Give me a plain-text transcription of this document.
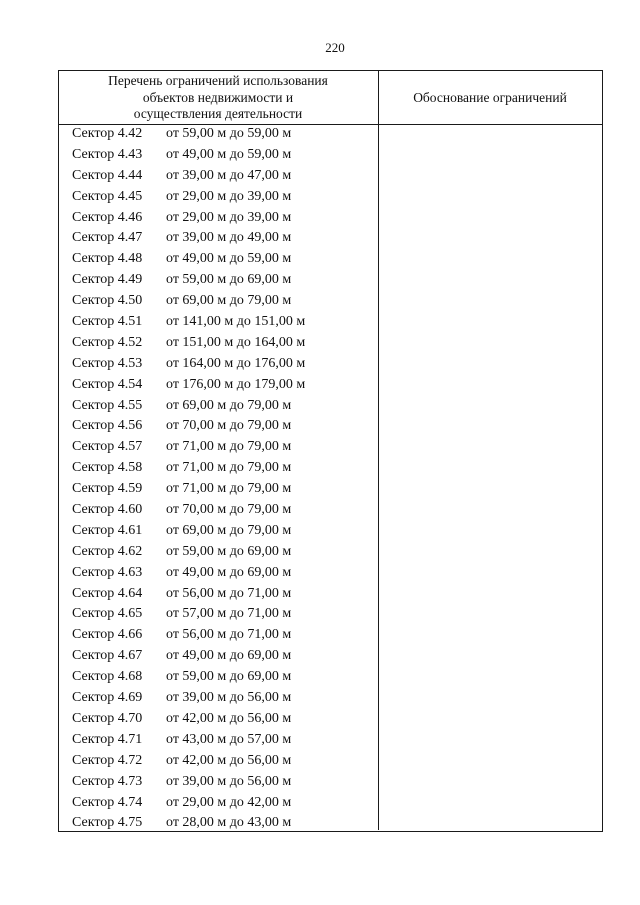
220
Перечень ограничений использования
объектов недвижимости и
осуществления деятельности
Обоснование ограничений
Сектор 4.42 от 59,00 м до 59,00 м
Сектор 4.43 от 49,00 м до 59,00 м
Сектор 4.44 от 39,00 м до 47,00 м
Сектор 4.45 от 29,00 м до 39,00 м
Сектор 4.46 от 29,00 м до 39,00 м
Сектор 4.47 от 39,00 м до 49,00 м
Сектор 4.48 от 49,00 м до 59,00 м
Сектор 4.49 от 59,00 м до 69,00 м
Сектор 4.50 от 69,00 м до 79,00 м
Сектор 4.51 от 141,00 м до 151,00 м
Сектор 4.52 от 151,00 м до 164,00 м
Сектор 4.53 от 164,00 м до 176,00 м
Сектор 4.54 от 176,00 м до 179,00 м
Сектор 4.55 от 69,00 м до 79,00 м
Сектор 4.56 от 70,00 м до 79,00 м
Сектор 4.57 от 71,00 м до 79,00 м
Сектор 4.58 от 71,00 м до 79,00 м
Сектор 4.59 от 71,00 м до 79,00 м
Сектор 4.60 от 70,00 м до 79,00 м
Сектор 4.61 от 69,00 м до 79,00 м
Сектор 4.62 от 59,00 м до 69,00 м
Сектор 4.63 от 49,00 м до 69,00 м
Сектор 4.64 от 56,00 м до 71,00 м
Сектор 4.65 от 57,00 м до 71,00 м
Сектор 4.66 от 56,00 м до 71,00 м
Сектор 4.67 от 49,00 м до 69,00 м
Сектор 4.68 от 59,00 м до 69,00 м
Сектор 4.69 от 39,00 м до 56,00 м
Сектор 4.70 от 42,00 м до 56,00 м
Сектор 4.71 от 43,00 м до 57,00 м
Сектор 4.72 от 42,00 м до 56,00 м
Сектор 4.73 от 39,00 м до 56,00 м
Сектор 4.74 от 29,00 м до 42,00 м
Сектор 4.75 от 28,00 м до 43,00 м
